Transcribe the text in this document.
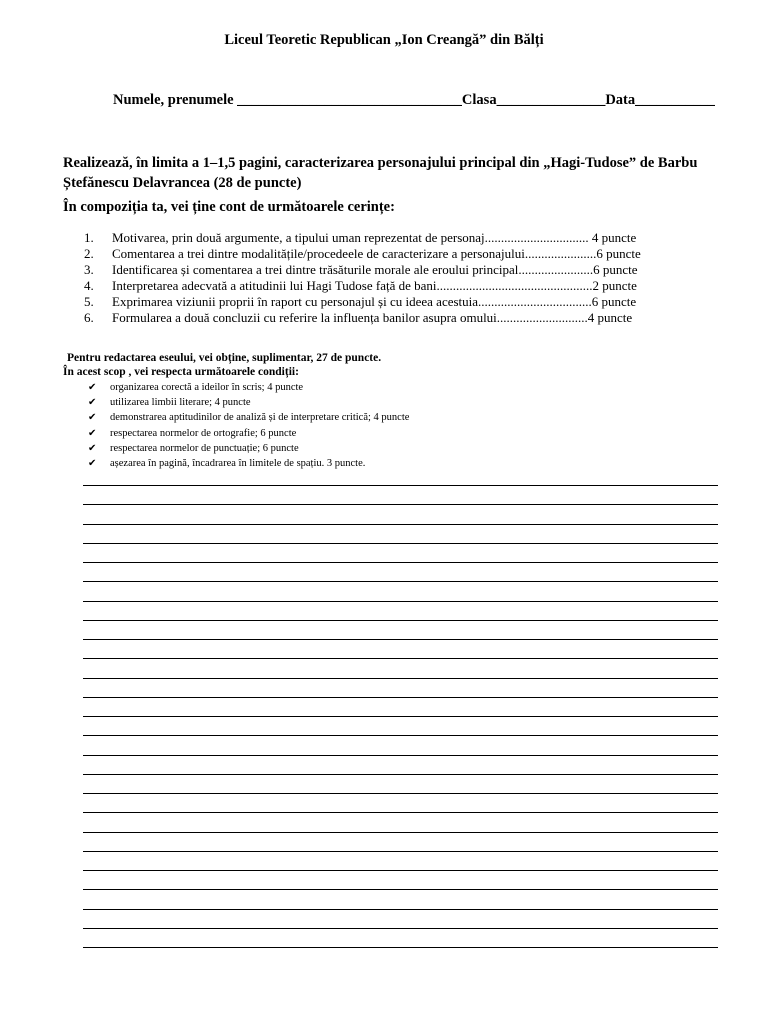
Liceul Teoretic Republican „Ion Creangă” din Bălți
Numele, prenumele _______________________________Clasa_______________Data___________
Realizează, în limita a 1–1,5 pagini, caracterizarea personajului principal din „Hagi-Tudose” de Barbu Ștefănescu Delavrancea (28 de puncte)
În compoziția ta, vei ține cont de următoarele cerințe:
1.	Motivarea, prin două argumente, a tipului uman reprezentat de personaj................................ 4 puncte
2.	Comentarea a trei dintre modalitățile/procedeele de caracterizare a personajului......................6 puncte
3.	Identificarea și comentarea a trei dintre trăsăturile morale ale eroului principal.......................6 puncte
4.	Interpretarea adecvată a atitudinii lui Hagi Tudose față de bani................................................2 puncte
5.	Exprimarea viziunii proprii în raport cu personajul și cu ideea acestuia...................................6 puncte
6.	Formularea a două concluzii cu referire la influența banilor asupra omului............................4 puncte
Pentru redactarea eseului, vei obține, suplimentar, 27 de puncte.
În acest scop , vei respecta următoarele condiții:
✔	organizarea corectă a ideilor în scris; 4 puncte
✔	utilizarea limbii literare; 4 puncte
✔	demonstrarea aptitudinilor de analiză și de interpretare critică; 4 puncte
✔	respectarea normelor de ortografie; 6 puncte
✔	respectarea normelor de punctuație; 6 puncte
✔	așezarea în pagină, încadrarea în limitele de spațiu. 3 puncte.
